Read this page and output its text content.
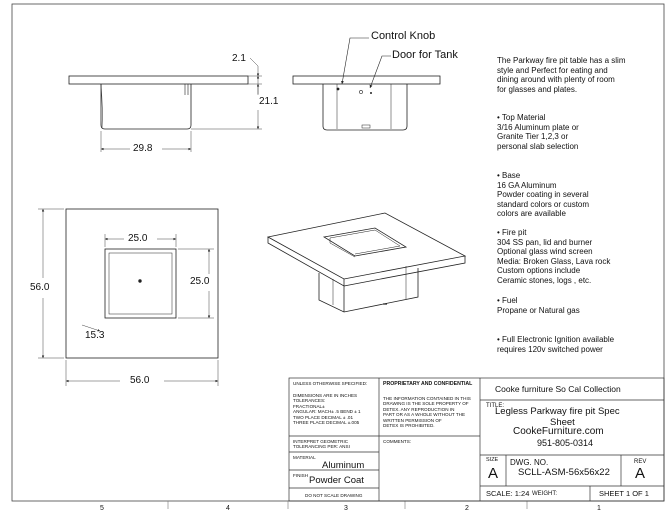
Control Knob
Door for Tank
2.1
21.1
29.8
25.0
25.0
15.3
56.0
56.0
The Parkway fire pit table has a slim
style and Perfect for eating and
dining around with plenty of room
for glasses and plates.
• Top Material
3/16 Aluminum plate or
Granite Tier 1,2,3 or
personal slab selection
• Base
16 GA Aluminum
Powder coating in several
standard colors or custom
colors are available
• Fire pit
304 SS pan, lid and burner
Optional glass wind screen
Media: Broken Glass, Lava rock
Custom options include
Ceramic stones, logs , etc.
• Fuel
Propane or Natural gas
• Full Electronic Ignition available
requires 120v switched power
UNLESS OTHERWISE SPECIFIED:
DIMENSIONS ARE IN INCHES
TOLERANCES:
FRACTIONAL±
ANGULAR: MACH± .5 BEND ± 1
TWO PLACE DECIMAL ± .01
THREE PLACE DECIMAL ±.005
INTERPRET GEOMETRIC
TOLERANCING PER: ANSI
MATERIAL
Aluminum
FINISH Powder Coat
DO NOT SCALE DRAWING
PROPRIETARY AND CONFIDENTIAL
THE INFORMATION CONTAINED IN THIS
DRAWING IS THE SOLE PROPERTY OF
DETEX. ANY REPRODUCTION IN
PART OR AS A WHOLE WITHOUT THE
WRITTEN PERMISSION OF
DETEX IS PROHIBITED.
COMMENTS:
Cooke furniture So Cal Collection
TITLE:
Legless Parkway fire pit Spec
Sheet
CookeFurniture.com
951-805-0314
SIZE
A
DWG. NO.
SCLL-ASM-56x56x22
REV
A
SCALE: 1:24 WEIGHT:	SHEET 1 OF 1
5	4	3	2	1
